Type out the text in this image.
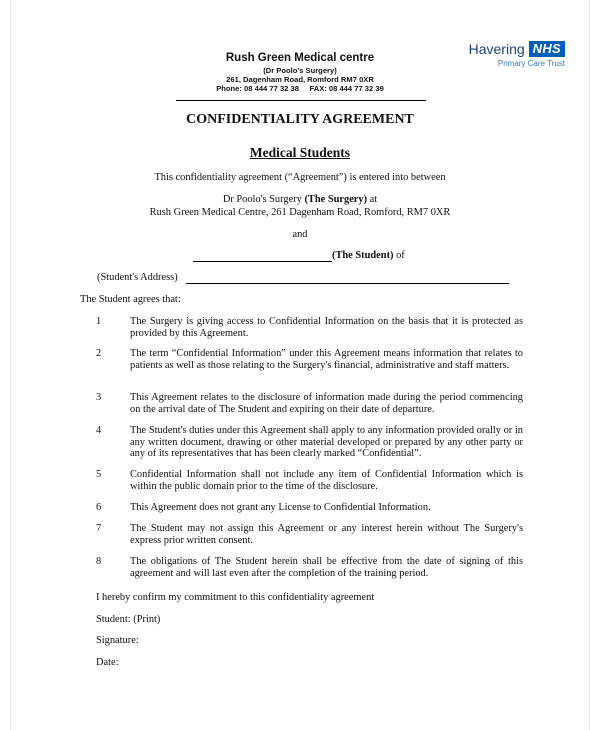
Rush Green Medical centre
(Dr Poolo's Surgery)
261, Dagenham Road, Romford RM7 0XR
Phone: 08 444 77 32 38     FAX: 08 444 77 32 39
Havering NHS
Primary Care Trust
CONFIDENTIALITY AGREEMENT
Medical Students
This confidentiality agreement (“Agreement”) is entered into between
Dr Poolo's Surgery (The Surgery) at
Rush Green Medical Centre, 261 Dagenham Road, Romford, RM7 0XR
and
(The Student) of
(Student's Address)
The Student agrees that:
1	The Surgery is giving access to Confidential Information on the basis that it is protected as provided by this Agreement.
2	The term “Confidential Information” under this Agreement means information that relates to patients as well as those relating to the Surgery's financial, administrative and staff matters.
3	This Agreement relates to the disclosure of information made during the period commencing on the arrival date of The Student and expiring on their date of departure.
4	The Student's duties under this Agreement shall apply to any information provided orally or in any written document, drawing or other material developed or prepared by any other party or any of its representatives that has been clearly marked “Confidential”.
5	Confidential Information shall not include any item of Confidential Information which is within the public domain prior to the time of the disclosure.
6	This Agreement does not grant any License to Confidential Information.
7	The Student may not assign this Agreement or any interest herein without The Surgery's express prior written consent.
8	The obligations of The Student herein shall be effective from the date of signing of this agreement and will last even after the completion of the training period.
I hereby confirm my commitment to this confidentiality agreement
Student: (Print)
Signature:
Date:
